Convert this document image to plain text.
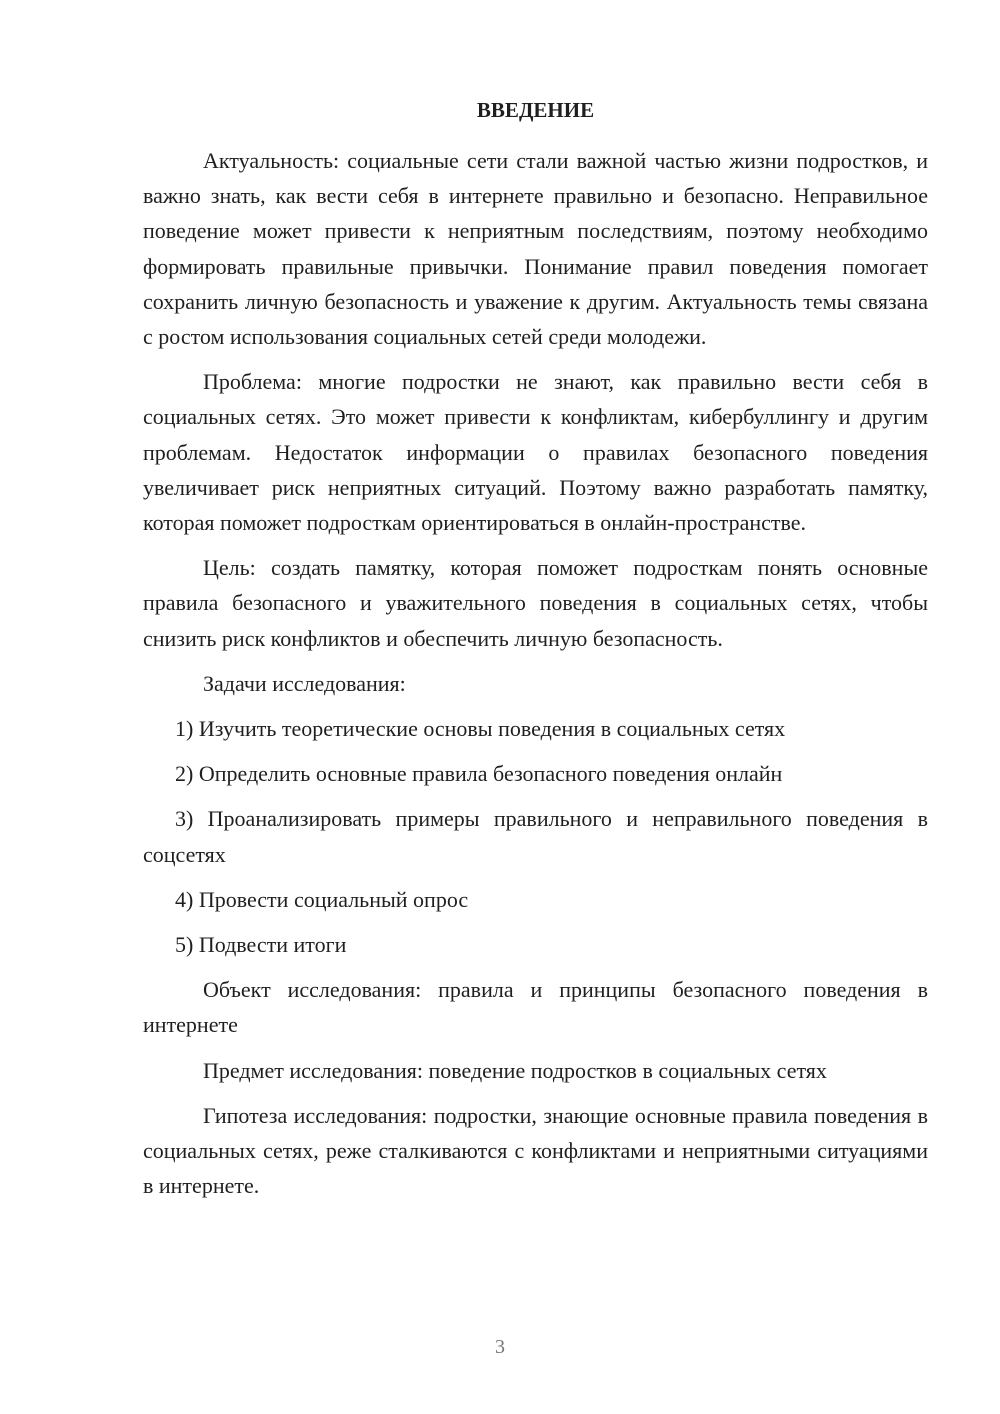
ВВЕДЕНИЕ

Актуальность: социальные сети стали важной частью жизни подростков, и важно знать, как вести себя в интернете правильно и безопасно. Неправильное поведение может привести к неприятным последствиям, поэтому необходимо формировать правильные привычки. Понимание правил поведения помогает сохранить личную безопасность и уважение к другим. Актуальность темы связана с ростом использования социальных сетей среди молодежи.

Проблема: многие подростки не знают, как правильно вести себя в социальных сетях. Это может привести к конфликтам, кибербуллингу и другим проблемам. Недостаток информации о правилах безопасного поведения увеличивает риск неприятных ситуаций. Поэтому важно разработать памятку, которая поможет подросткам ориентироваться в онлайн-пространстве.

Цель: создать памятку, которая поможет подросткам понять основные правила безопасного и уважительного поведения в социальных сетях, чтобы снизить риск конфликтов и обеспечить личную безопасность.

Задачи исследования:

1) Изучить теоретические основы поведения в социальных сетях

2) Определить основные правила безопасного поведения онлайн

3) Проанализировать примеры правильного и неправильного поведения в соцсетях

4) Провести социальный опрос

5) Подвести итоги

Объект исследования: правила и принципы безопасного поведения в интернете

Предмет исследования: поведение подростков в социальных сетях

Гипотеза исследования: подростки, знающие основные правила поведения в социальных сетях, реже сталкиваются с конфликтами и неприятными ситуациями в интернете.

3
